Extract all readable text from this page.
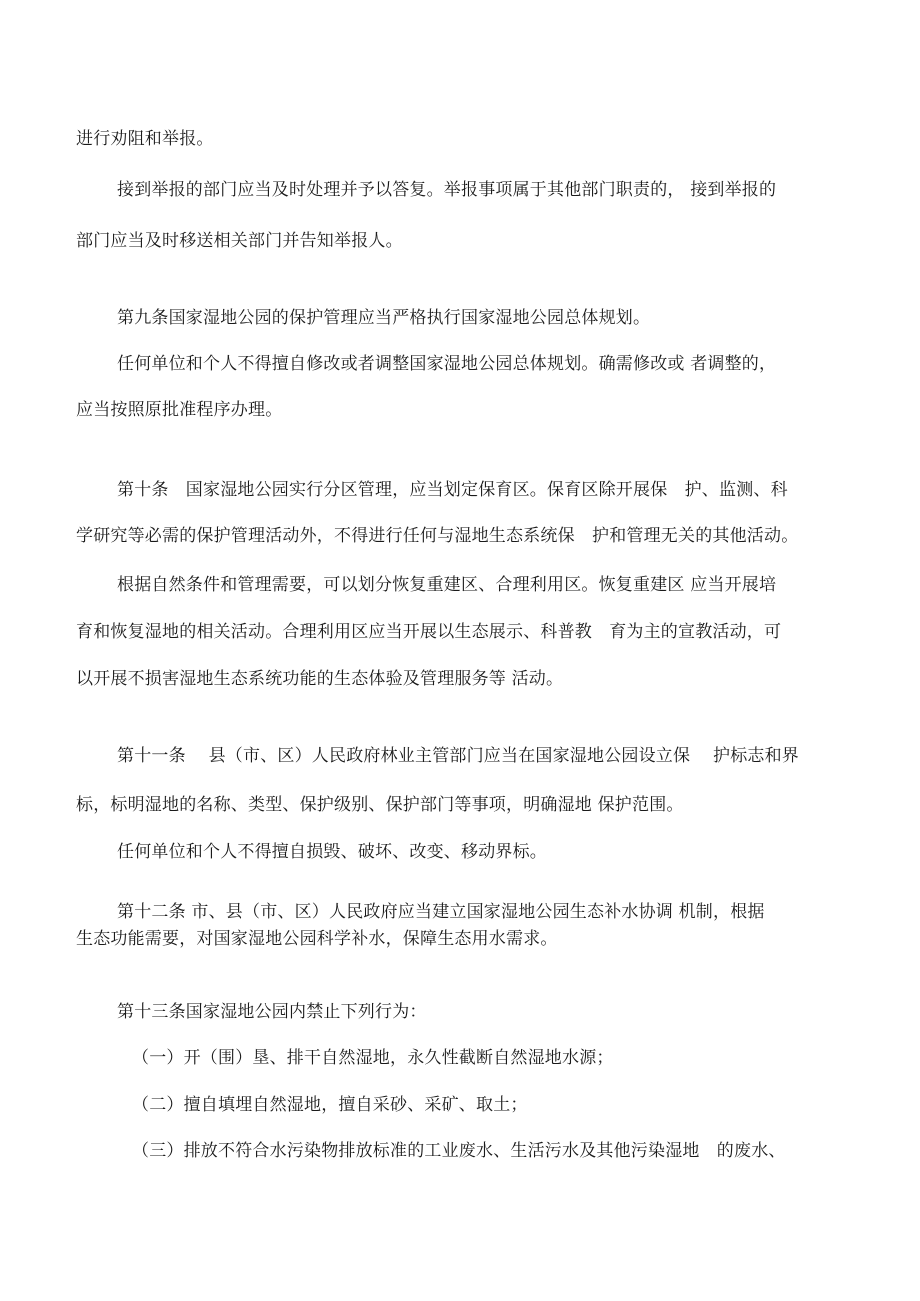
进行劝阻和举报。
接到举报的部门应当及时处理并予以答复。举报事项属于其他部门职责的， 接到举报的
部门应当及时移送相关部门并告知举报人。
第九条国家湿地公园的保护管理应当严格执行国家湿地公园总体规划。
任何单位和个人不得擅自修改或者调整国家湿地公园总体规划。确需修改或 者调整的，
应当按照原批准程序办理。
第十条　国家湿地公园实行分区管理，应当划定保育区。保育区除开展保　护、监测、科
学研究等必需的保护管理活动外，不得进行任何与湿地生态系统保　护和管理无关的其他活动。
根据自然条件和管理需要，可以划分恢复重建区、合理利用区。恢复重建区 应当开展培
育和恢复湿地的相关活动。合理利用区应当开展以生态展示、科普教　育为主的宣教活动，可
以开展不损害湿地生态系统功能的生态体验及管理服务等 活动。
第十一条　 县（市、区）人民政府林业主管部门应当在国家湿地公园设立保　 护标志和界
标，标明湿地的名称、类型、保护级别、保护部门等事项，明确湿地 保护范围。
任何单位和个人不得擅自损毁、破坏、改变、移动界标。
第十二条 市、县（市、区）人民政府应当建立国家湿地公园生态补水协调 机制，根据
生态功能需要，对国家湿地公园科学补水，保障生态用水需求。
第十三条国家湿地公园内禁止下列行为：
（一）开（围）垦、排干自然湿地，永久性截断自然湿地水源；
（二）擅自填埋自然湿地，擅自采砂、采矿、取土；
（三）排放不符合水污染物排放标准的工业废水、生活污水及其他污染湿地　的废水、
